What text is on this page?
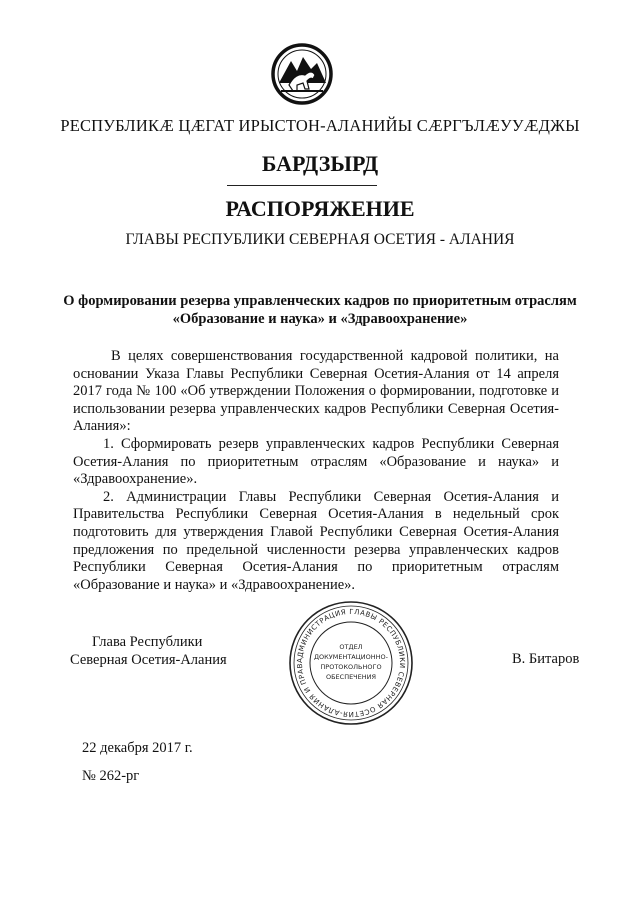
РЕСПУБЛИКӔ ЦӔГАТ ИРЫСТОН-АЛАНИЙЫ СӔРГЪЛӔУУӔДЖЫ
БАРДЗЫРД
РАСПОРЯЖЕНИЕ
ГЛАВЫ РЕСПУБЛИКИ СЕВЕРНАЯ ОСЕТИЯ - АЛАНИЯ
О формировании резерва управленческих кадров по приоритетным отраслям «Образование и наука» и «Здравоохранение»

В целях совершенствования государственной кадровой политики, на основании Указа Главы Республики Северная Осетия-Алания от 14 апреля 2017 года № 100 «Об утверждении Положения о формировании, подготовке и использовании резерва управленческих кадров Республики Северная Осетия-Алания»:

1. Сформировать резерв управленческих кадров Республики Северная Осетия-Алания по приоритетным отраслям «Образование и наука» и «Здравоохранение».

2. Администрации Главы Республики Северная Осетия-Алания и Правительства Республики Северная Осетия-Алания в недельный срок подготовить для утверждения Главой Республики Северная Осетия-Алания предложения по предельной численности резерва управленческих кадров Республики Северная Осетия-Алания по приоритетным отраслям «Образование и наука» и «Здравоохранение».

Глава Республики
Северная Осетия-Алания	АДМИНИСТРАЦИЯ ГЛАВЫ РЕСПУБЛИКИ СЕВЕРНАЯ ОСЕТИЯ-АЛАНИЯ И ПРАВ
ОТДЕЛ
ДОКУМЕНТАЦИОННО-
ПРОТОКОЛЬНОГО
ОБЕСПЕЧЕНИЯ
В. Битаров
22 декабря 2017 г.
№ 262-рг
